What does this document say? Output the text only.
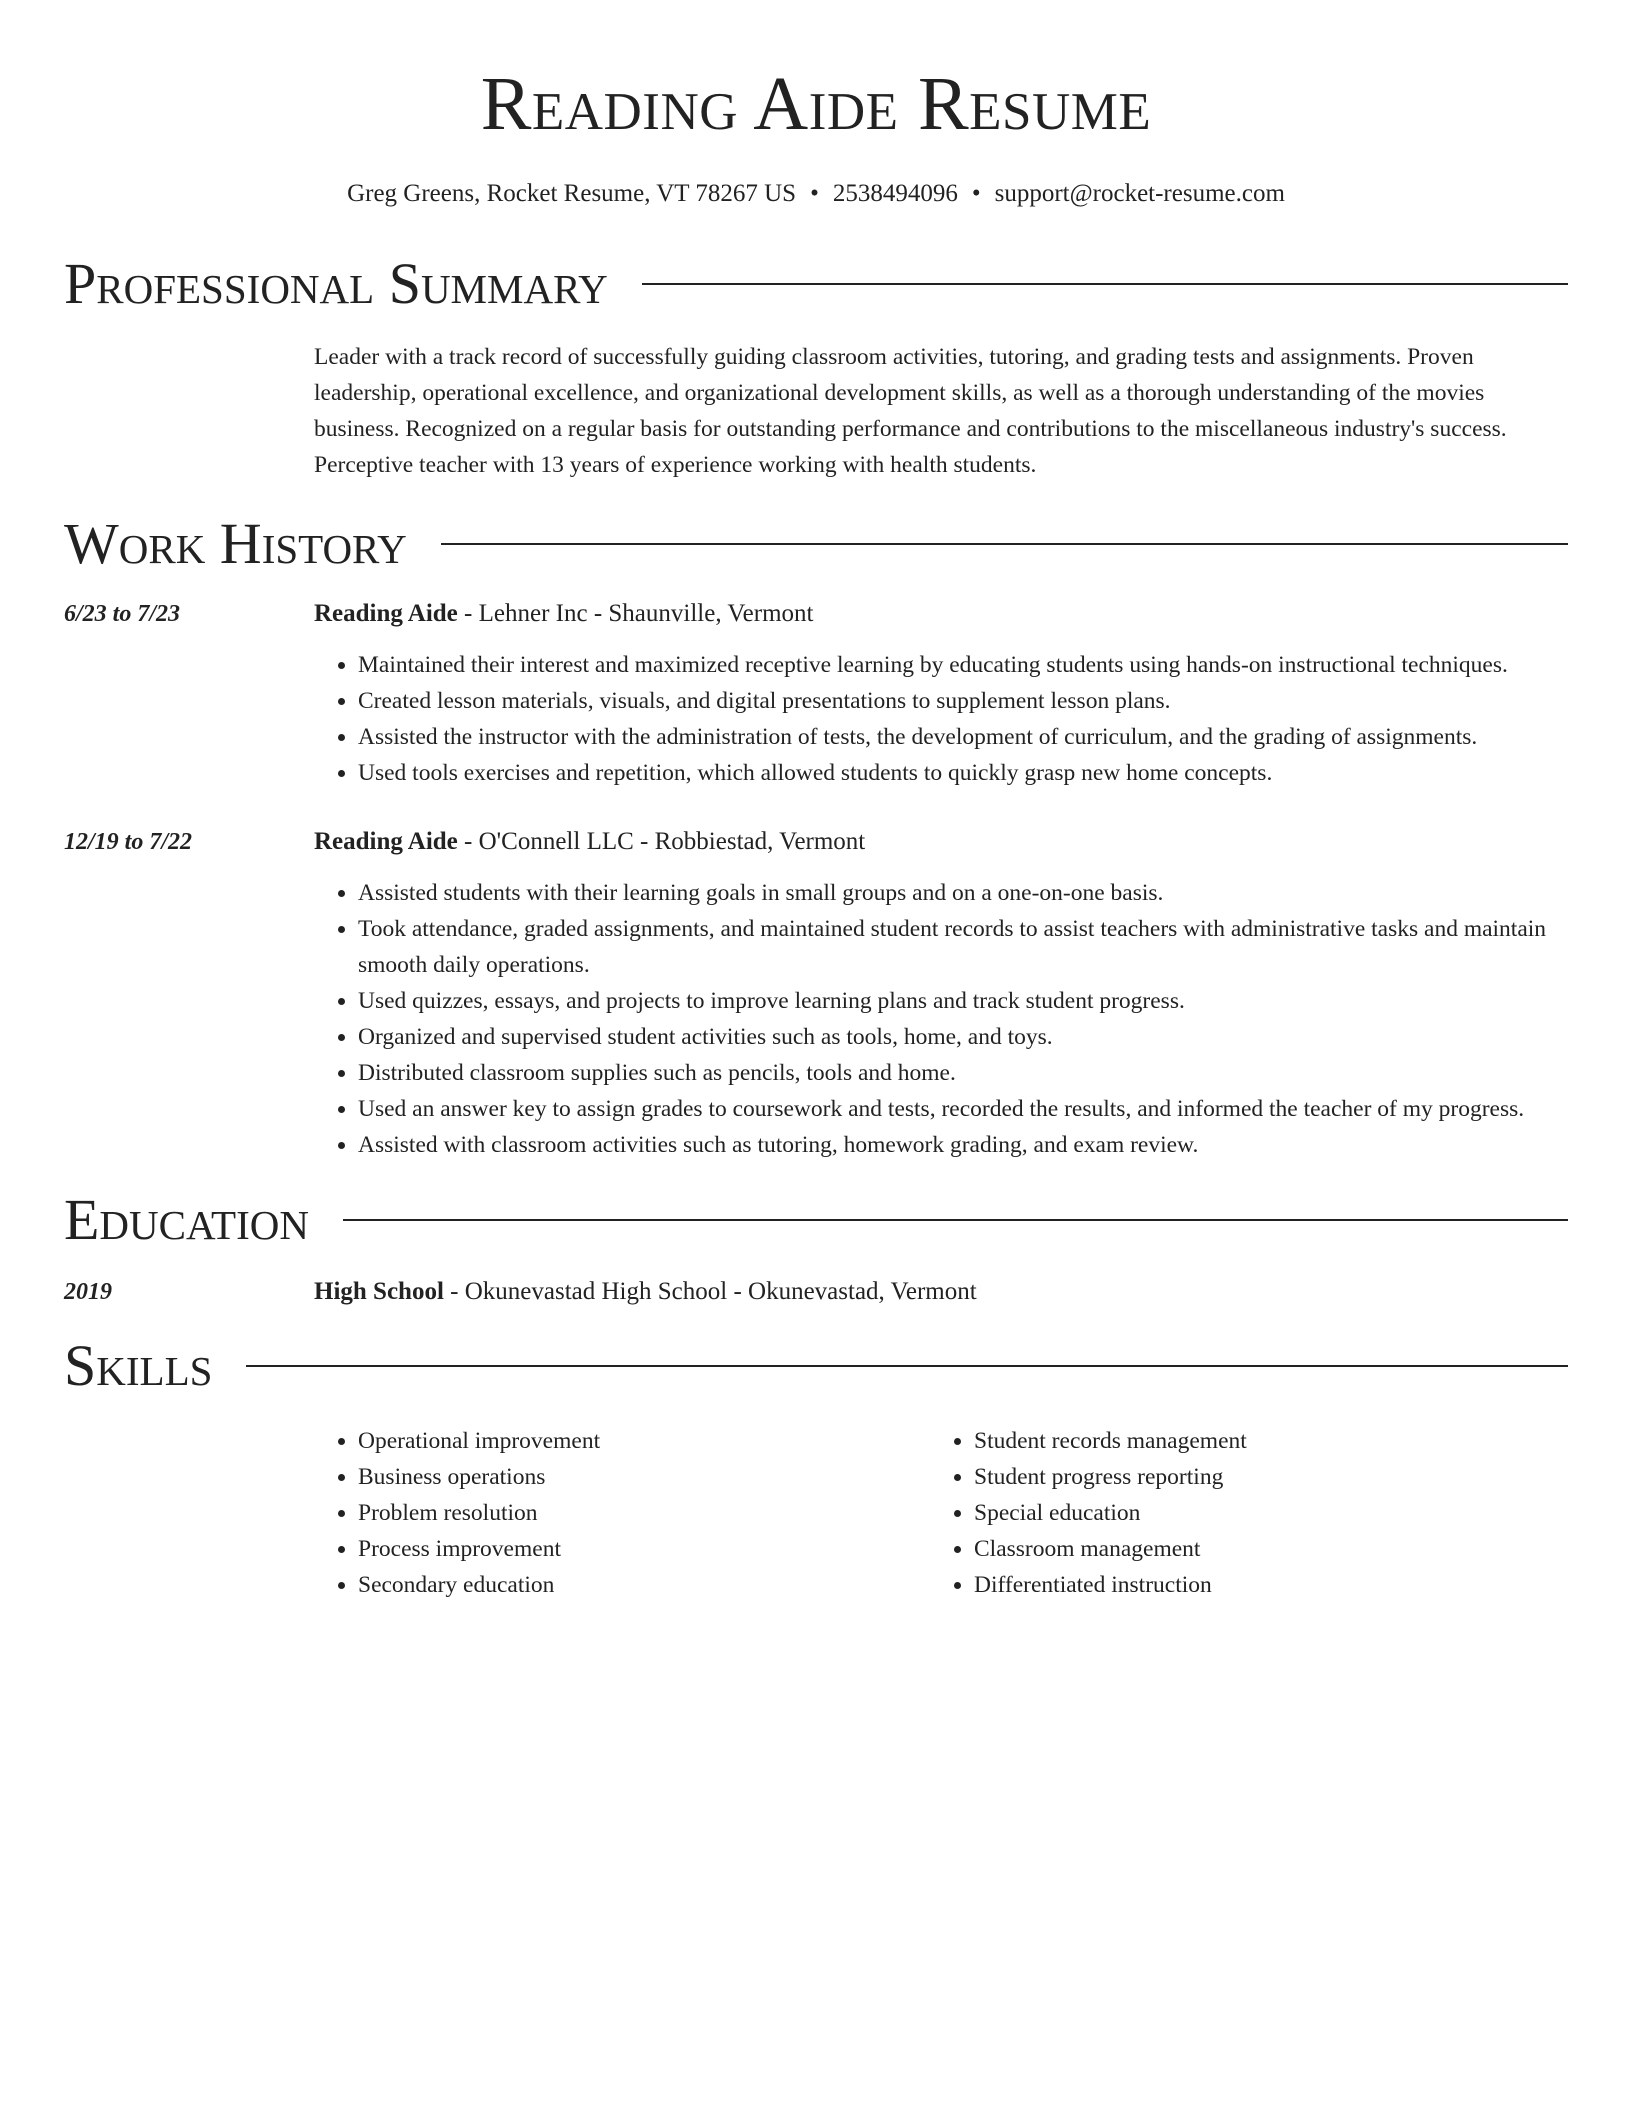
Reading Aide Resume
Greg Greens, Rocket Resume, VT 78267 US • 2538494096 • support@rocket-resume.com
Professional Summary
Leader with a track record of successfully guiding classroom activities, tutoring, and grading tests and assignments. Proven leadership, operational excellence, and organizational development skills, as well as a thorough understanding of the movies business. Recognized on a regular basis for outstanding performance and contributions to the miscellaneous industry's success. Perceptive teacher with 13 years of experience working with health students.
Work History
6/23 to 7/23	Reading Aide - Lehner Inc - Shaunville, Vermont
• Maintained their interest and maximized receptive learning by educating students using hands-on instructional techniques.
• Created lesson materials, visuals, and digital presentations to supplement lesson plans.
• Assisted the instructor with the administration of tests, the development of curriculum, and the grading of assignments.
• Used tools exercises and repetition, which allowed students to quickly grasp new home concepts.
12/19 to 7/22	Reading Aide - O'Connell LLC - Robbiestad, Vermont
• Assisted students with their learning goals in small groups and on a one-on-one basis.
• Took attendance, graded assignments, and maintained student records to assist teachers with administrative tasks and maintain smooth daily operations.
• Used quizzes, essays, and projects to improve learning plans and track student progress.
• Organized and supervised student activities such as tools, home, and toys.
• Distributed classroom supplies such as pencils, tools and home.
• Used an answer key to assign grades to coursework and tests, recorded the results, and informed the teacher of my progress.
• Assisted with classroom activities such as tutoring, homework grading, and exam review.
Education
2019	High School - Okunevastad High School - Okunevastad, Vermont
Skills
• Operational improvement
• Business operations
• Problem resolution
• Process improvement
• Secondary education
• Student records management
• Student progress reporting
• Special education
• Classroom management
• Differentiated instruction
